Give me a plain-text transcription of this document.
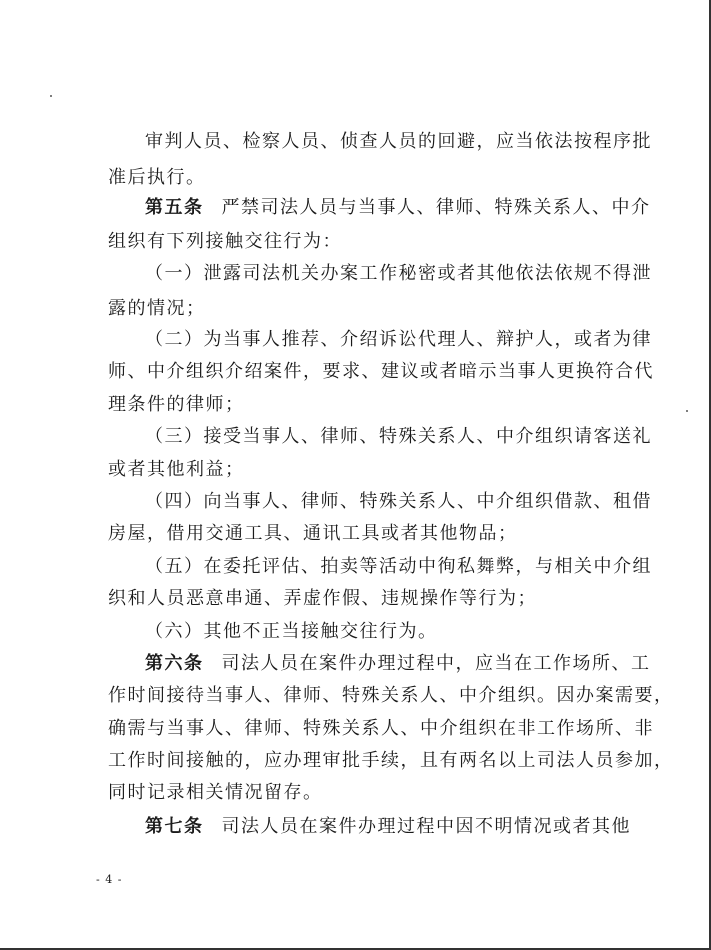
审判人员、检察人员、侦查人员的回避，应当依法按程序批
准后执行。
第五条 严禁司法人员与当事人、律师、特殊关系人、中介
组织有下列接触交往行为：
（一）泄露司法机关办案工作秘密或者其他依法依规不得泄
露的情况；
（二）为当事人推荐、介绍诉讼代理人、辩护人，或者为律
师、中介组织介绍案件，要求、建议或者暗示当事人更换符合代
理条件的律师；
（三）接受当事人、律师、特殊关系人、中介组织请客送礼
或者其他利益；
（四）向当事人、律师、特殊关系人、中介组织借款、租借
房屋，借用交通工具、通讯工具或者其他物品；
（五）在委托评估、拍卖等活动中徇私舞弊，与相关中介组
织和人员恶意串通、弄虚作假、违规操作等行为；
（六）其他不正当接触交往行为。
第六条 司法人员在案件办理过程中，应当在工作场所、工
作时间接待当事人、律师、特殊关系人、中介组织。因办案需要，
确需与当事人、律师、特殊关系人、中介组织在非工作场所、非
工作时间接触的，应办理审批手续，且有两名以上司法人员参加，
同时记录相关情况留存。
第七条 司法人员在案件办理过程中因不明情况或者其他
- 4 -
